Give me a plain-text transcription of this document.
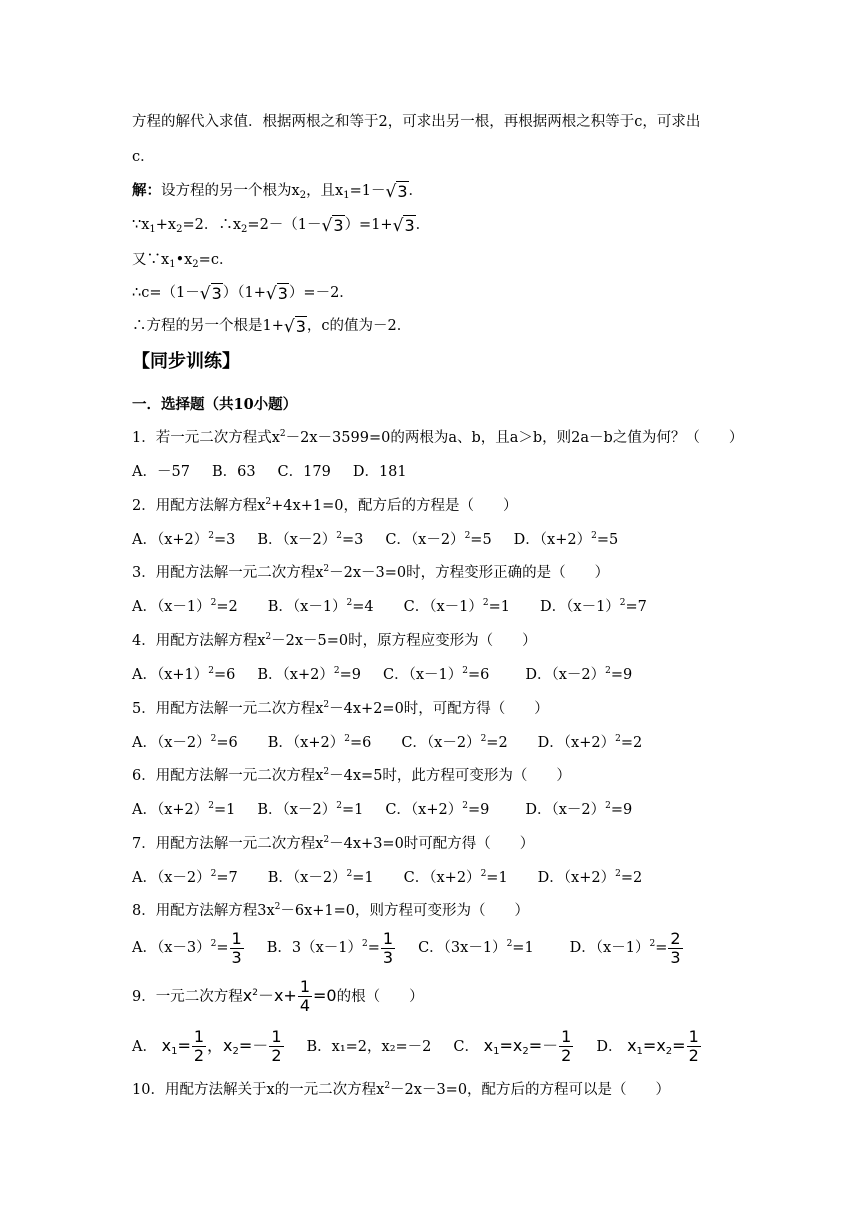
方程的解代入求值．根据两根之和等于2，可求出另一根，再根据两根之积等于c，可求出
c．
解：设方程的另一个根为$x_2$，且$x_1=1-√3$．
$\because x_1+x_2=2$．$\therefore x_2=2-(1-√3)=1+√3$．
又$\because x_1•x_2=c$．
∴c=（1－√3）（1+√3）=－2．
∴方程的另一个根是1+√3，c的值为－2．
【同步训练】
一．选择题（共10小题）
1．若一元二次方程式$x^2-2x-3599=0$的两根为a、b，且a＞b，则2a－b之值为何？（　　）
A．－57 B．63 C．179 D．181
2．用配方法解方程$x^2+4x+1=0$，配方后的方程是（　　）
A．$(x+2)^2=3$ B．$(x-2)^2=3$ C．$(x-2)^2=5$ D．$(x+2)^2=5$
3．用配方法解一元二次方程$x^2-2x-3=0$时，方程变形正确的是（　　）
A．$(x-1)^2=2$ B．$(x-1)^2=4$ C．$(x-1)^2=1$ D．$(x-1)^2=7$
4．用配方法解方程$x^2-2x-5=0$时，原方程应变形为（　　）
A．$(x+1)^2=6$ B．$(x+2)^2=9$ C．$(x-1)^2=6$ D．$(x-2)^2=9$
5．用配方法解一元二次方程$x^2-4x+2=0$时，可配方得（　　）
A．$(x-2)^2=6$ B．$(x+2)^2=6$ C．$(x-2)^2=2$ D．$(x+2)^2=2$
6．用配方法解一元二次方程$x^2-4x=5$时，此方程可变形为（　　）
A．$(x+2)^2=1$ B．$(x-2)^2=1$ C．$(x+2)^2=9$ D．$(x-2)^2=9$
7．用配方法解一元二次方程$x^2-4x+3=0$时可配方得（　　）
A．$(x-2)^2=7$ B．$(x-2)^2=1$ C．$(x+2)^2=1$ D．$(x+2)^2=2$
8．用配方法解方程$3x^2-6x+1=0$，则方程可变形为（　　）
A．$(x-3)^2= \frac{1}{3}$ B．$3(x-1)^2= \frac{1}{3}$ C．$(3x-1)^2=1$ D．$(x-1)^2= \frac{2}{3}$
9．一元二次方程$x^2-x+ \frac{1}{4} =0$的根（　　）
A． $x_1= \frac{1}{2}$ ，$x_2=- \frac{1}{2}$ B．x₁=2，x₂=－2 C． $x_1=x_2=- \frac{1}{2}$ D． $x_1=x_2= \frac{1}{2}$
10．用配方法解关于x的一元二次方程$x^2-2x-3=0$，配方后的方程可以是（　　）
